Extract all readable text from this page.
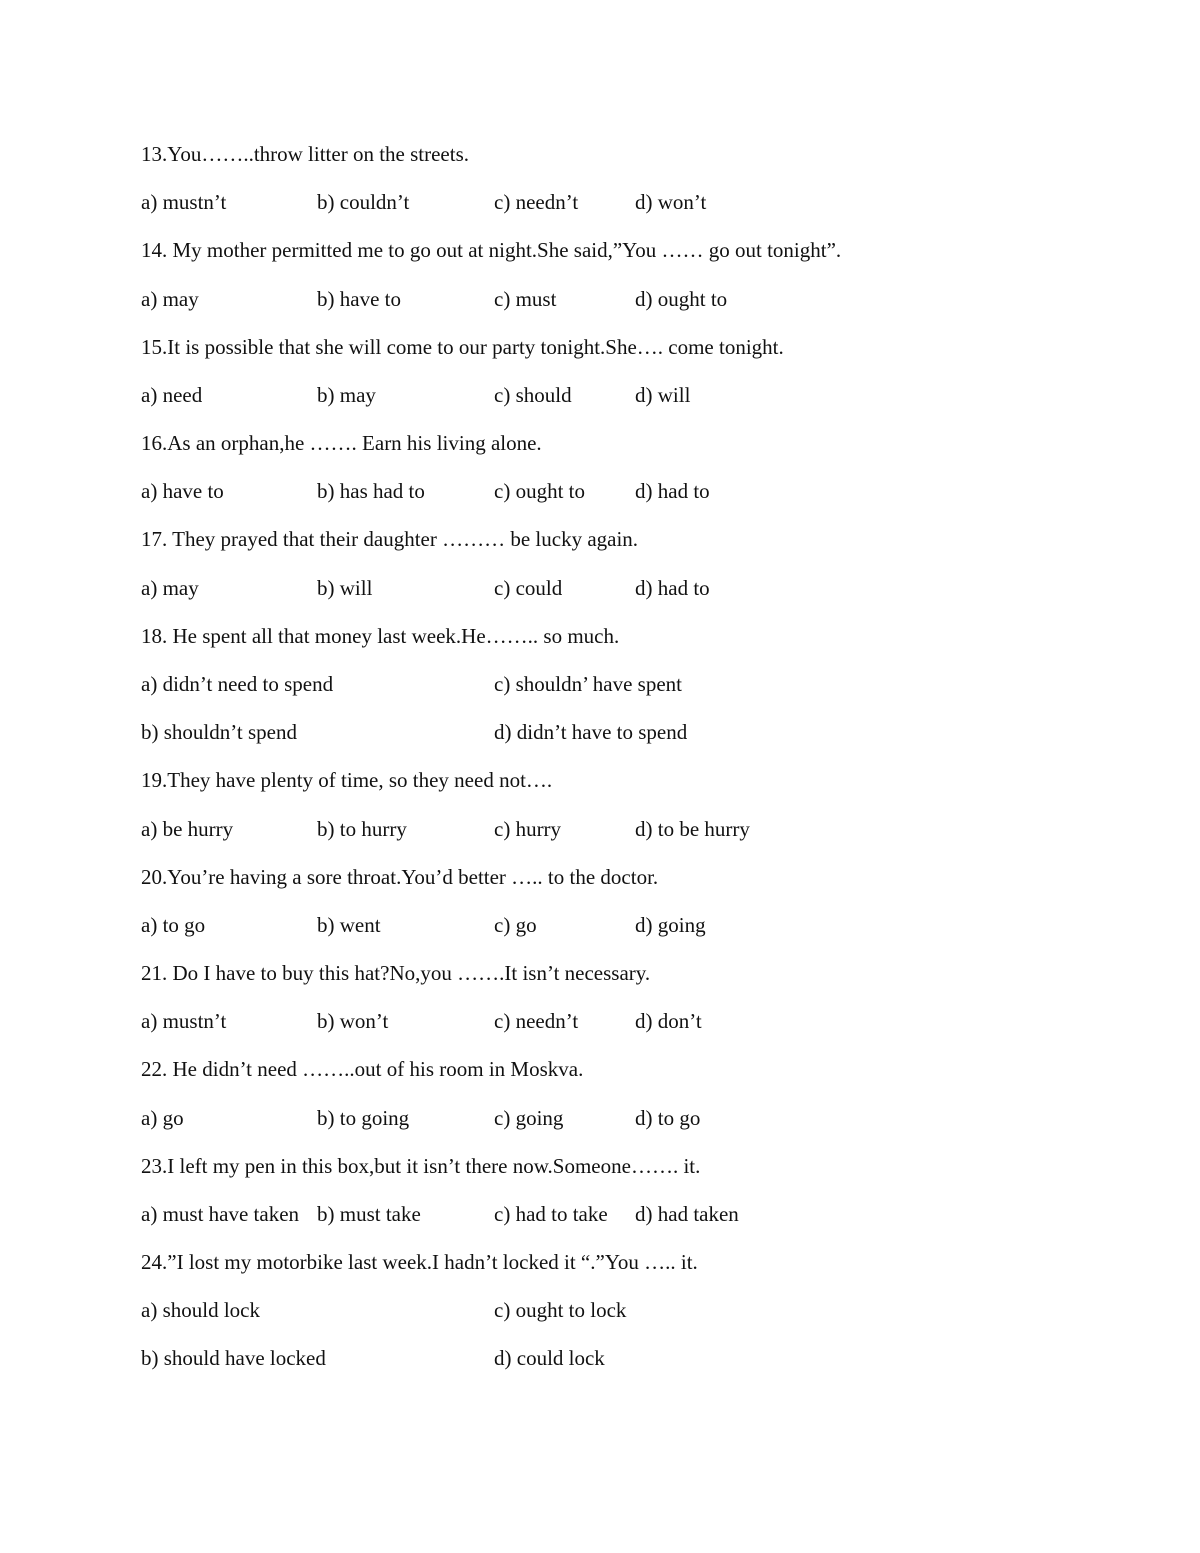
13.You……..throw litter on the streets.
a) mustn’t	b) couldn’t	c) needn’t	d) won’t
14. My mother permitted me to go out at night.She said,”You …… go out tonight”.
a) may	b) have to	c) must	d) ought to
15.It is possible that she will come to our party tonight.She…. come tonight.
a) need	b) may	c) should	d) will
16.As an orphan,he ……. Earn his living alone.
a) have to	b) has had to	c) ought to d) had to
17. They prayed that their daughter ……… be lucky again.
a) may	b) will	c) could	d) had to
18. He spent all that money last week.He…….. so much.
a) didn’t need to spend	c) shouldn’ have spent
b) shouldn’t spend	d) didn’t have to spend
19.They have plenty of time, so they need not….
a) be hurry	b) to hurry	c) hurry	d) to be hurry
20.You’re having a sore throat.You’d better ….. to the doctor.
a) to go	b) went	c) go	d) going
21. Do I have to buy this hat?No,you …….It isn’t necessary.
a) mustn’t	b) won’t	c) needn’t	d) don’t
22. He didn’t need ……..out of his room in Moskva.
a) go	b) to going	c) going	d) to go
23.I left my pen in this box,but it isn’t there now.Someone……. it.
a) must have taken b) must take	c) had to take d) had taken
24.”I lost my motorbike last week.I hadn’t locked it “.”You ….. it.
a) should lock	c) ought to lock
b) should have locked	d) could lock
